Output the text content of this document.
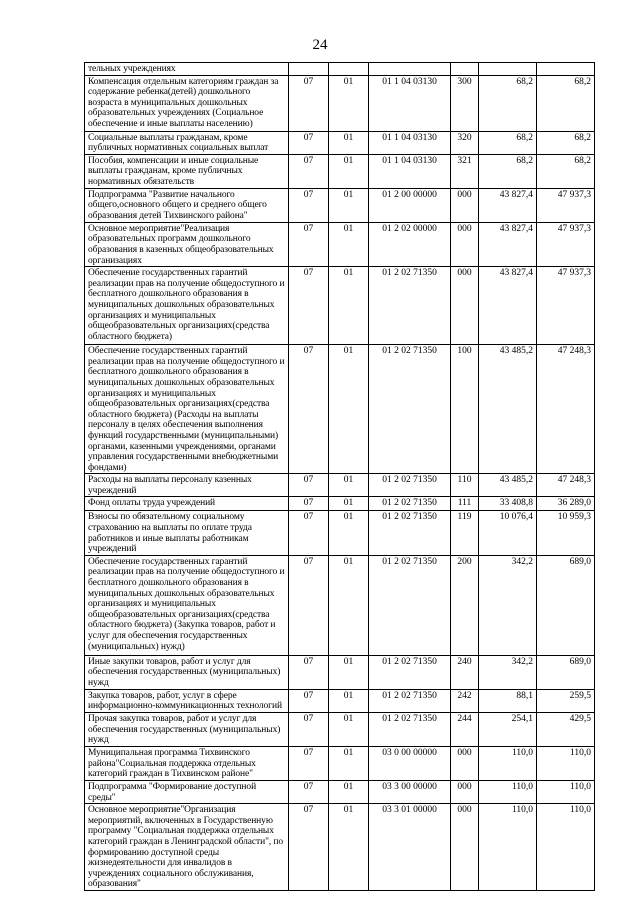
24
тельных учреждениях						
Компенсация отдельным категориям граждан за содержание ребенка(детей) дошкольного возраста в муниципальных дошкольных образовательных учреждениях (Социальное обеспечение и иные выплаты населению)	07	01	01 1 04 03130	300	68,2	68,2
Социальные выплаты гражданам, кроме публичных нормативных социальных выплат	07	01	01 1 04 03130	320	68,2	68,2
Пособия, компенсации и иные социальные выплаты гражданам, кроме публичных нормативных обязательств	07	01	01 1 04 03130	321	68,2	68,2
Подпрограмма "Развитие начального общего,основного общего и среднего общего образования детей Тихвинского района"	07	01	01 2 00 00000	000	43 827,4	47 937,3
Основное мероприятие"Реализация образовательных программ дошкольного образования в казенных общеобразовательных организациях	07	01	01 2 02 00000	000	43 827,4	47 937,3
Обеспечение государственных гарантий реализации прав на получение общедоступного и бесплатного дошкольного образования в муниципальных дошкольных образовательных организациях и муниципальных общеобразовательных организациях(средства областного бюджета)	07	01	01 2 02 71350	000	43 827,4	47 937,3
Обеспечение государственных гарантий реализации прав на получение общедоступного и бесплатного дошкольного образования в муниципальных дошкольных образовательных организациях и муниципальных общеобразовательных организациях(средства областного бюджета) (Расходы на выплаты персоналу в целях обеспечения выполнения функций государственными (муниципальными) органами, казенными учреждениями, органами управления государственными внебюджетными фондами)	07	01	01 2 02 71350	100	43 485,2	47 248,3
Расходы на выплаты персоналу казенных учреждений	07	01	01 2 02 71350	110	43 485,2	47 248,3
Фонд оплаты труда учреждений	07	01	01 2 02 71350	111	33 408,8	36 289,0
Взносы по обязательному социальному страхованию на выплаты по оплате труда работников и иные выплаты работникам учреждений	07	01	01 2 02 71350	119	10 076,4	10 959,3
Обеспечение государственных гарантий реализации прав на получение общедоступного и бесплатного дошкольного образования в муниципальных дошкольных образовательных организациях и муниципальных общеобразовательных организациях(средства областного бюджета) (Закупка товаров, работ и услуг для обеспечения государственных (муниципальных) нужд)	07	01	01 2 02 71350	200	342,2	689,0
Иные закупки товаров, работ и услуг для обеспечения государственных (муниципальных) нужд	07	01	01 2 02 71350	240	342,2	689,0
Закупка товаров, работ, услуг в сфере информационно-коммуникационных технологий	07	01	01 2 02 71350	242	88,1	259,5
Прочая закупка товаров, работ и услуг для обеспечения государственных (муниципальных) нужд	07	01	01 2 02 71350	244	254,1	429,5
Муниципальная программа Тихвинского района"Социальная поддержка отдельных категорий граждан в Тихвинском районе"	07	01	03 0 00 00000	000	110,0	110,0
Подпрограмма "Формирование доступной среды"	07	01	03 3 00 00000	000	110,0	110,0
Основное мероприятие"Организация мероприятий, включенных в Государственную программу "Социальная поддержка отдельных категорий граждан в Ленинградской области", по формированию доступной среды жизнедеятельности для инвалидов в учреждениях социального обслуживания, образования"	07	01	03 3 01 00000	000	110,0	110,0
